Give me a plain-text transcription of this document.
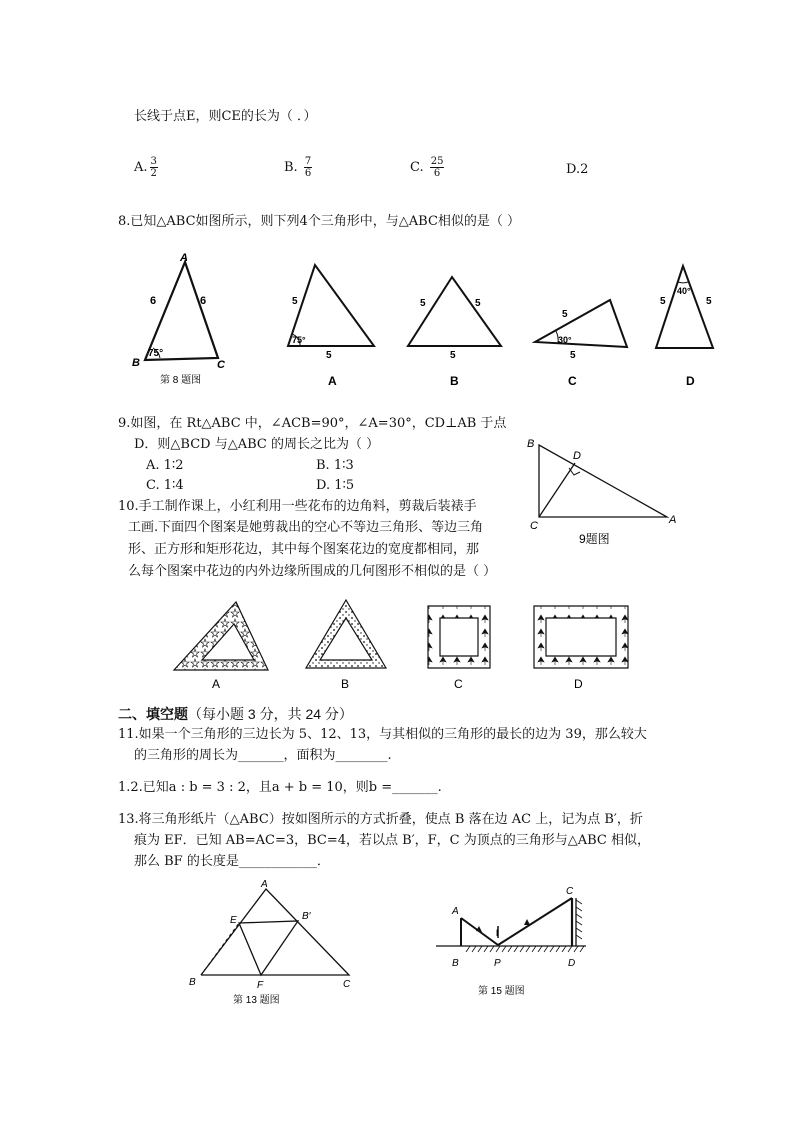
长线于点E，则CE的长为（ ．）
A. $\frac{3}{2}$	B. $\frac{7}{6}$	C. $\frac{25}{6}$	D.2
8.已知△ABC如图所示，则下列4个三角形中，与△ABC相似的是（ ）
A
B	C
6	6
75°
第 8 题图
5
5
75°
A
5	5
5
B
5
5
30°
C
5	5
40°
D
9.如图，在 Rt△ABC 中，∠ACB=90°，∠A=30°，CD⊥AB 于点
D．则△BCD 与△ABC 的周长之比为（ ）
A. 1∶2	B. 1∶3
C. 1∶4	D. 1∶5
B
D
C	A
9题图
10.手工制作课上，小红利用一些花布的边角料，剪裁后装裱手
工画.下面四个图案是她剪裁出的空心不等边三角形、等边三角
形、正方形和矩形花边，其中每个图案花边的宽度都相同，那
么每个图案中花边的内外边缘所围成的几何图形不相似的是（ ）
A	B	C	D
二、填空题（每小题 3 分，共 24 分）
11.如果一个三角形的三边长为 5、12、13，与其相似的三角形的最长的边为 39，那么较大
的三角形的周长为_______，面积为________.
1.2.已知a : b = 3 : 2，且a + b = 10，则b =_______.
13.将三角形纸片（△ABC）按如图所示的方式折叠，使点 B 落在边 AC 上，记为点 B′，折
痕为 EF．已知 AB=AC=3，BC=4，若以点 B′，F，C 为顶点的三角形与△ABC 相似，
那么 BF 的长度是____________．
A
E	B′
B	F	C
第 13 题图
I
A
B	P
C
D
第 15 题图
